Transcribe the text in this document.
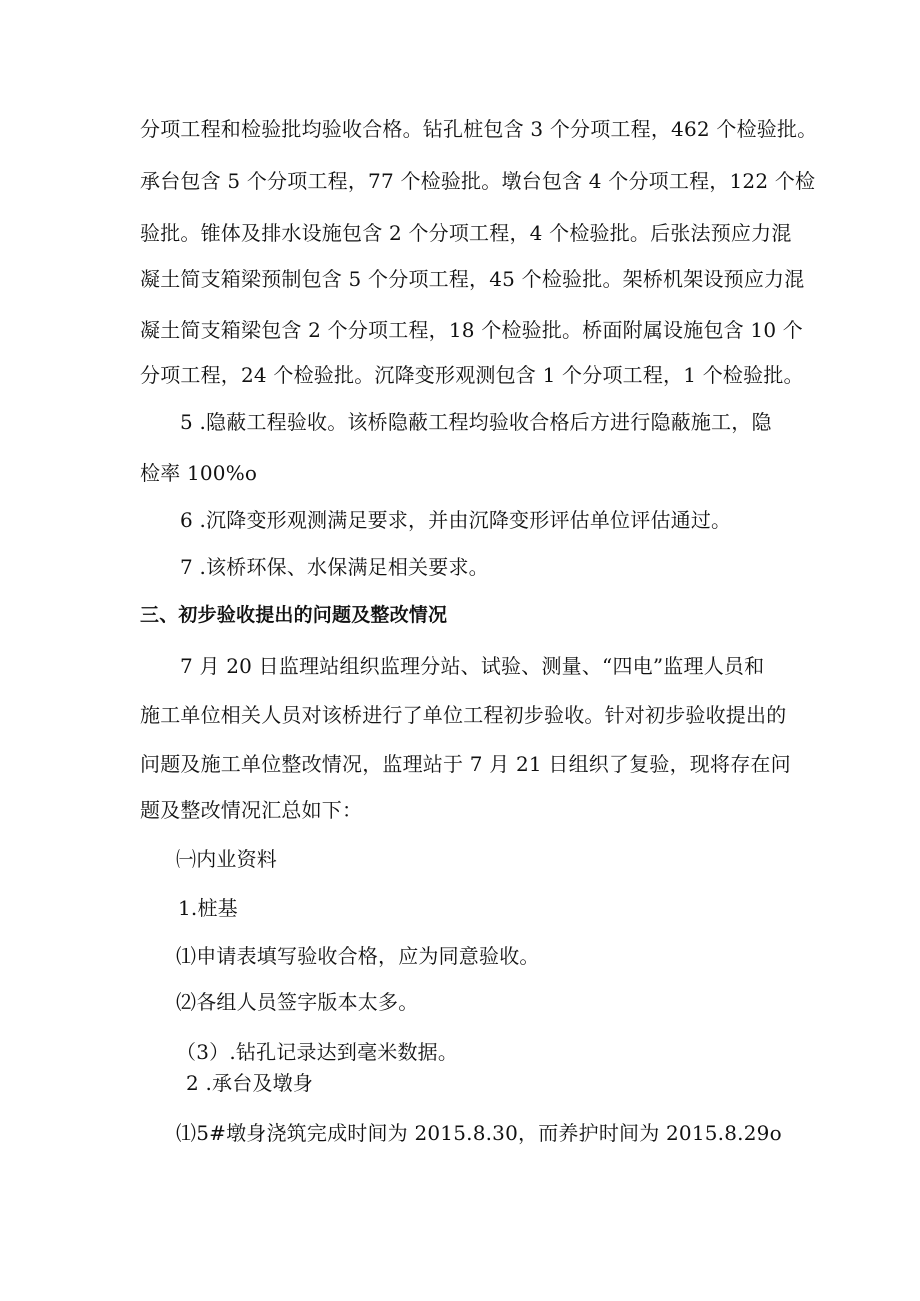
分项工程和检验批均验收合格。钻孔桩包含 3 个分项工程，462 个检验批。
承台包含 5 个分项工程，77 个检验批。墩台包含 4 个分项工程，122 个检
验批。锥体及排水设施包含 2 个分项工程，4 个检验批。后张法预应力混
凝土简支箱梁预制包含 5 个分项工程，45 个检验批。架桥机架设预应力混
凝土简支箱梁包含 2 个分项工程，18 个检验批。桥面附属设施包含 10 个
分项工程，24 个检验批。沉降变形观测包含 1 个分项工程，1 个检验批。
5 .隐蔽工程验收。该桥隐蔽工程均验收合格后方进行隐蔽施工，隐
检率 100%o
6 .沉降变形观测满足要求，并由沉降变形评估单位评估通过。
7 .该桥环保、水保满足相关要求。
三、初步验收提出的问题及整改情况
7 月 20 日监理站组织监理分站、试验、测量、“四电”监理人员和
施工单位相关人员对该桥进行了单位工程初步验收。针对初步验收提出的
问题及施工单位整改情况，监理站于 7 月 21 日组织了复验，现将存在问
题及整改情况汇总如下：
㈠内业资料
1.桩基
⑴申请表填写验收合格，应为同意验收。
⑵各组人员签字版本太多。
（3）.钻孔记录达到毫米数据。
2 .承台及墩身
⑴5#墩身浇筑完成时间为 2015.8.30，而养护时间为 2015.8.29o
